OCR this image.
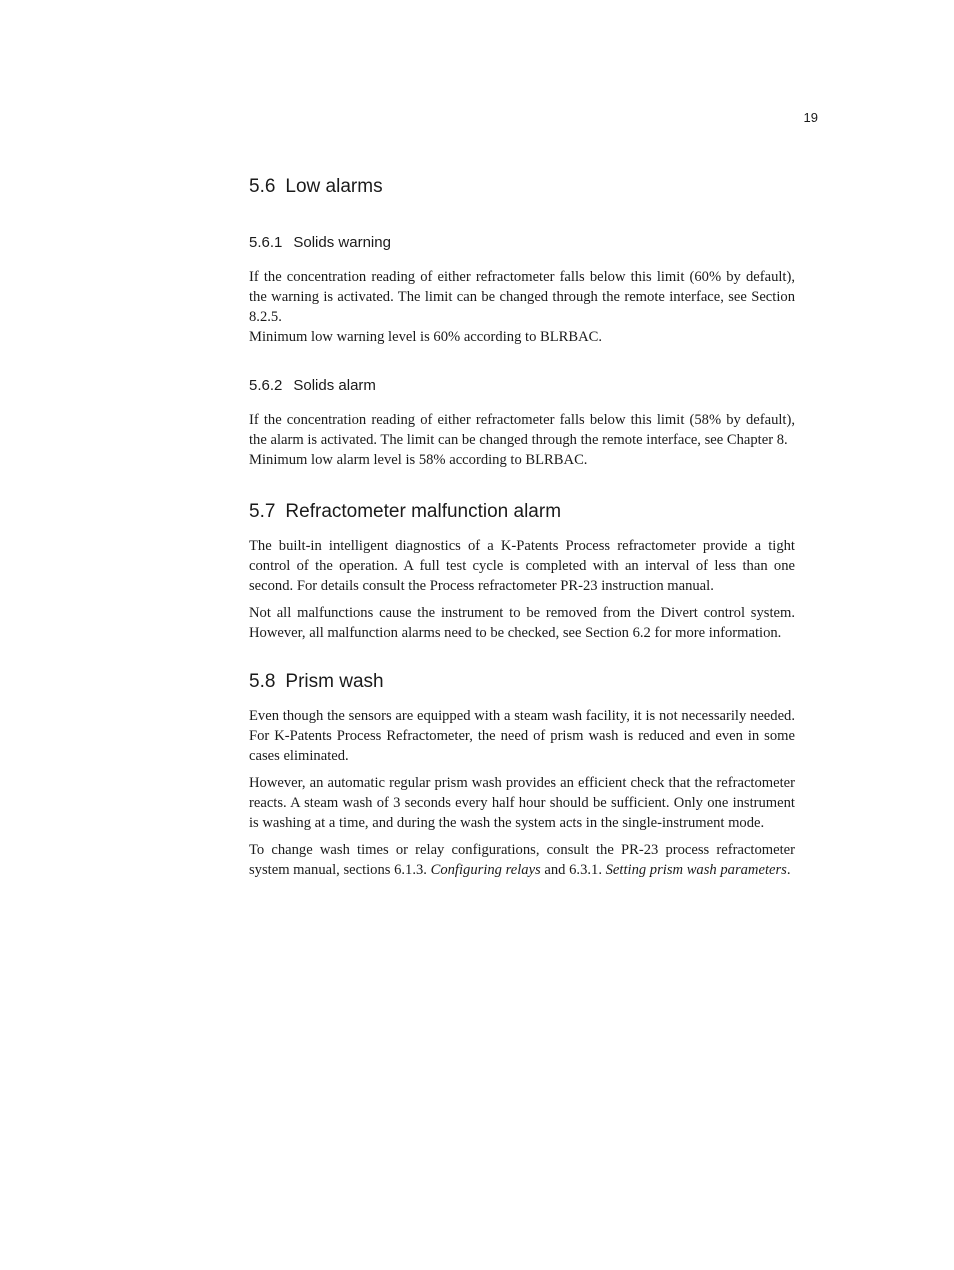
19

5.6 Low alarms
5.6.1 Solids warning

If the concentration reading of either refractometer falls below this limit (60% by default), the warning is activated. The limit can be changed through the remote interface, see Section 8.2.5.

Minimum low warning level is 60% according to BLRBAC.

5.6.2 Solids alarm

If the concentration reading of either refractometer falls below this limit (58% by default), the alarm is activated. The limit can be changed through the remote interface, see Chapter 8.

Minimum low alarm level is 58% according to BLRBAC.

5.7 Refractometer malfunction alarm

The built-in intelligent diagnostics of a K-Patents Process refractometer provide a tight control of the operation. A full test cycle is completed with an interval of less than one second. For details consult the Process refractometer PR-23 instruction manual.

Not all malfunctions cause the instrument to be removed from the Divert control system. However, all malfunction alarms need to be checked, see Section 6.2 for more information.

5.8 Prism wash

Even though the sensors are equipped with a steam wash facility, it is not necessarily needed. For K-Patents Process Refractometer, the need of prism wash is reduced and even in some cases eliminated.

However, an automatic regular prism wash provides an efficient check that the refractometer reacts. A steam wash of 3 seconds every half hour should be sufficient. Only one instrument is washing at a time, and during the wash the system acts in the single-instrument mode.

To change wash times or relay configurations, consult the PR-23 process refractometer system manual, sections 6.1.3. Configuring relays and 6.3.1. Setting prism wash parameters.
